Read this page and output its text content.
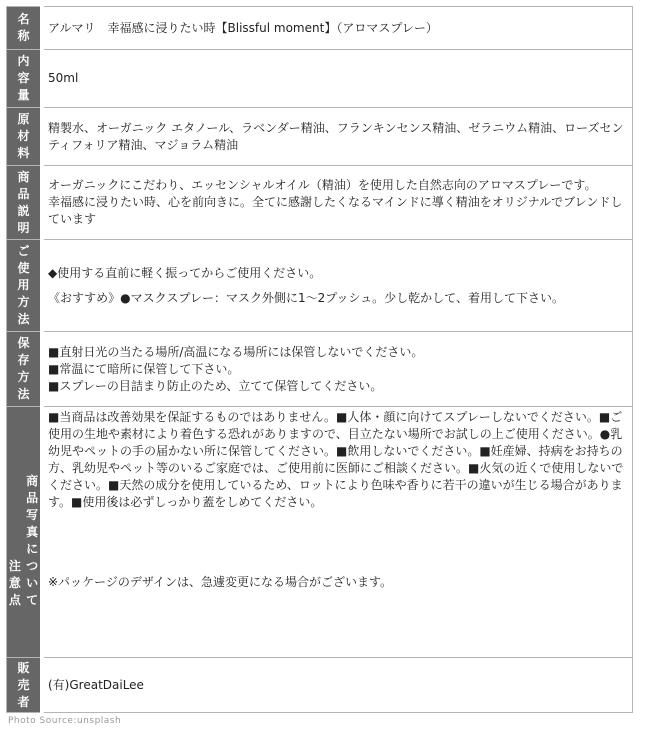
名称	アルマリ　幸福感に浸りたい時【Blissful moment】（アロマスプレー）

内容量	50ml

原材料	精製水、オーガニック エタノール、ラベンダー精油、フランキンセンス精油、ゼラニウム精油、ローズセンティフォリア精油、マジョラム精油

商品説明	オーガニックにこだわり、エッセンシャルオイル（精油）を使用した自然志向のアロマスプレーです。

幸福感に浸りたい時、心を前向きに。全てに感謝したくなるマインドに導く精油をオリジナルでブレンドしています

ご使用方法	◆使用する直前に軽く振ってからご使用ください。

《おすすめ》●マスクスプレー：マスク外側に1～2プッシュ。少し乾かして、着用して下さい。

保存方法	■直射日光の当たる場所/高温になる場所には保管しないでください。

■常温にて暗所に保管して下さい。

■スプレーの目詰まり防止のため、立てて保管してください。

注意点 商品写真について	■当商品は改善効果を保証するものではありません。■人体・顔に向けてスプレーしないでください。■ご使用の生地や素材により着色する恐れがありますので、目立たない場所でお試しの上ご使用ください。●乳幼児やペットの手の届かない所に保管してください。■飲用しないでください。■妊産婦、持病をお持ちの方、乳幼児やペット等のいるご家庭では、ご使用前に医師にご相談ください。■火気の近くで使用しないでください。■天然の成分を使用しているため、ロットにより色味や香りに若干の違いが生じる場合があります。■使用後は必ずしっかり蓋をしめてください。

※パッケージのデザインは、急遽変更になる場合がございます。

販売者	(有)GreatDaiLee

Photo Source:unsplash
